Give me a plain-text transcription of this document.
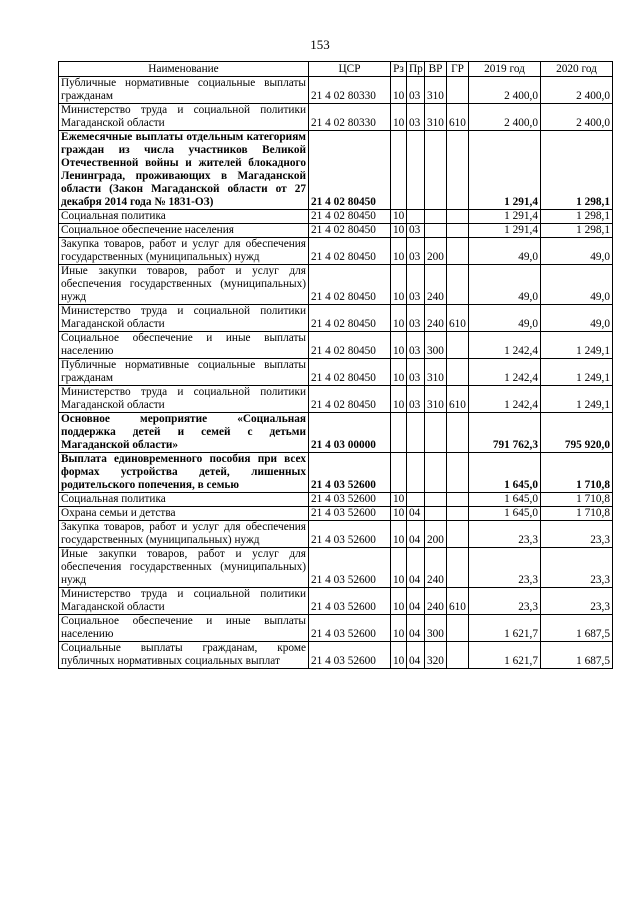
153
Наименование	ЦСР	Рз	Пр	ВР	ГР	2019 год	2020 год
Публичные нормативные социальные выплаты гражданам	21 4 02 80330	10	03	310		2 400,0	2 400,0
Министерство труда и социальной политики Магаданской области	21 4 02 80330	10	03	310	610	2 400,0	2 400,0
Ежемесячные выплаты отдельным категориям граждан из числа участников Великой Отечественной войны и жителей блокадного Ленинграда, проживающих в Магаданской области (Закон Магаданской области от 27 декабря 2014 года № 1831-ОЗ)	21 4 02 80450					1 291,4	1 298,1
Социальная политика	21 4 02 80450	10				1 291,4	1 298,1
Социальное обеспечение населения	21 4 02 80450	10	03			1 291,4	1 298,1
Закупка товаров, работ и услуг для обеспечения государственных (муниципальных) нужд	21 4 02 80450	10	03	200		49,0	49,0
Иные закупки товаров, работ и услуг для обеспечения государственных (муниципальных) нужд	21 4 02 80450	10	03	240		49,0	49,0
Министерство труда и социальной политики Магаданской области	21 4 02 80450	10	03	240	610	49,0	49,0
Социальное обеспечение и иные выплаты населению	21 4 02 80450	10	03	300		1 242,4	1 249,1
Публичные нормативные социальные выплаты гражданам	21 4 02 80450	10	03	310		1 242,4	1 249,1
Министерство труда и социальной политики Магаданской области	21 4 02 80450	10	03	310	610	1 242,4	1 249,1
Основное мероприятие «Социальная поддержка детей и семей с детьми Магаданской области»	21 4 03 00000					791 762,3	795 920,0
Выплата единовременного пособия при всех формах устройства детей, лишенных родительского попечения, в семью	21 4 03 52600					1 645,0	1 710,8
Социальная политика	21 4 03 52600	10				1 645,0	1 710,8
Охрана семьи и детства	21 4 03 52600	10	04			1 645,0	1 710,8
Закупка товаров, работ и услуг для обеспечения государственных (муниципальных) нужд	21 4 03 52600	10	04	200		23,3	23,3
Иные закупки товаров, работ и услуг для обеспечения государственных (муниципальных) нужд	21 4 03 52600	10	04	240		23,3	23,3
Министерство труда и социальной политики Магаданской области	21 4 03 52600	10	04	240	610	23,3	23,3
Социальное обеспечение и иные выплаты населению	21 4 03 52600	10	04	300		1 621,7	1 687,5
Социальные выплаты гражданам, кроме публичных нормативных социальных выплат	21 4 03 52600	10	04	320		1 621,7	1 687,5
